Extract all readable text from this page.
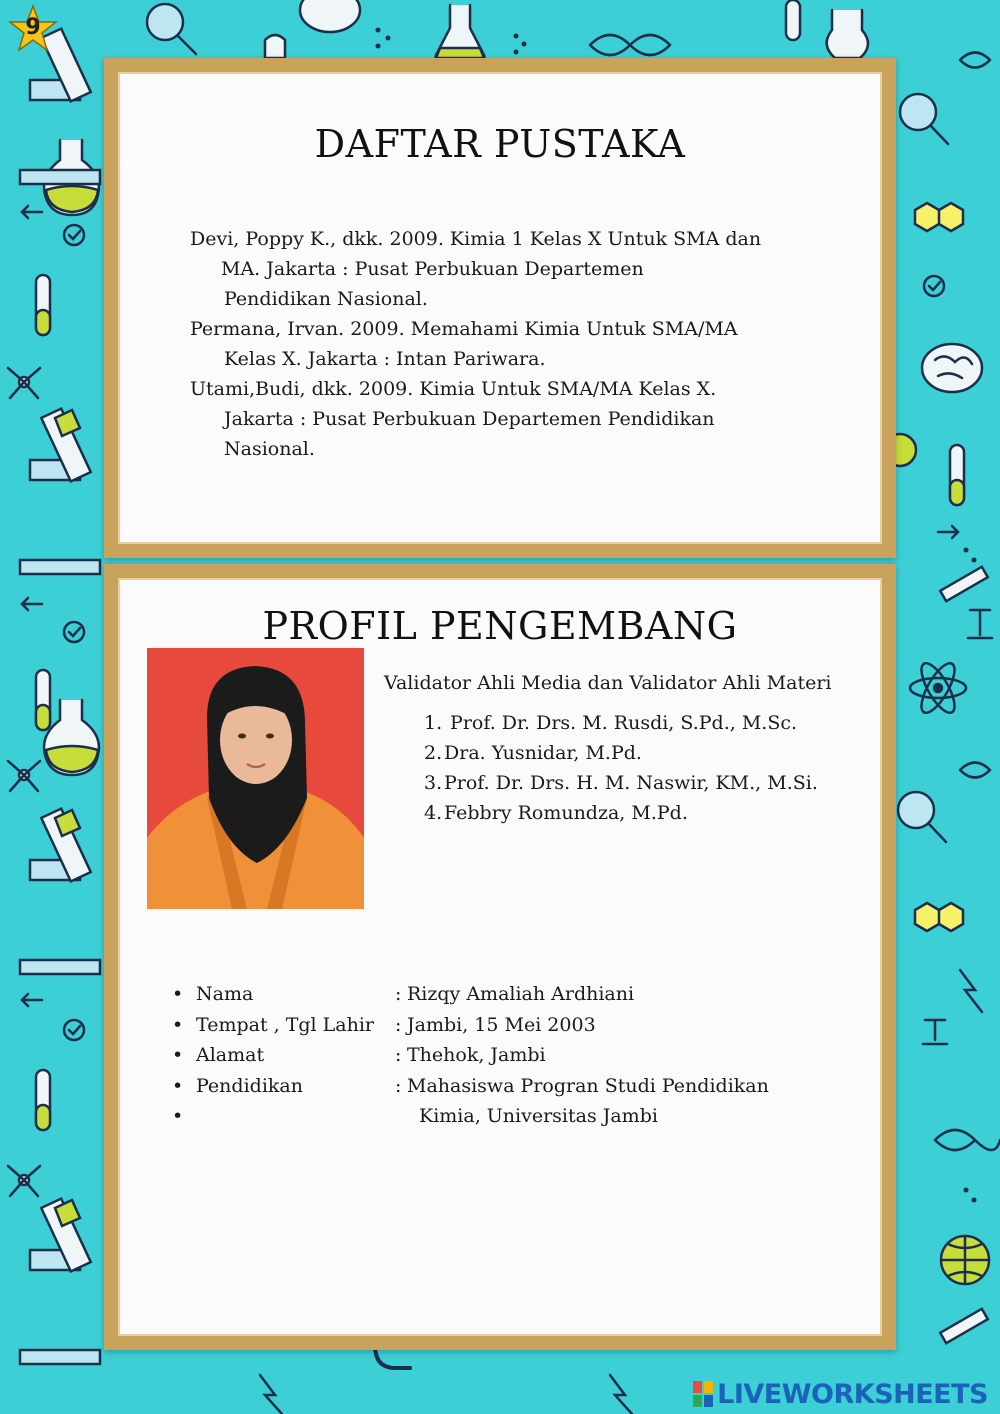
9
DAFTAR PUSTAKA

Devi, Poppy K., dkk. 2009. Kimia 1 Kelas X Untuk SMA dan
MA. Jakarta : Pusat Perbukuan Departemen
Pendidikan Nasional.

Permana, Irvan. 2009. Memahami Kimia Untuk SMA/MA
Kelas X. Jakarta : Intan Pariwara.

Utami,Budi, dkk. 2009. Kimia Untuk SMA/MA Kelas X.
Jakarta : Pusat Perbukuan Departemen Pendidikan
Nasional.

PROFIL PENGEMBANG

Validator Ahli Media dan Validator Ahli Materi

1.
Prof. Dr. Drs. M. Rusdi, S.Pd., M.Sc.
2. Dra. Yusnidar, M.Pd.
3. Prof. Dr. Drs. H. M. Naswir, KM., M.Si.
4. Febbry Romundza, M.Pd.
• Nama	: Rizqy Amaliah Ardhiani
• Tempat , Tgl Lahir	: Jambi, 15 Mei 2003
• Alamat	: Thehok, Jambi
• Pendidikan	: Mahasiswa Progran Studi Pendidikan
•	Kimia, Universitas Jambi
LIVEWORKSHEETS
